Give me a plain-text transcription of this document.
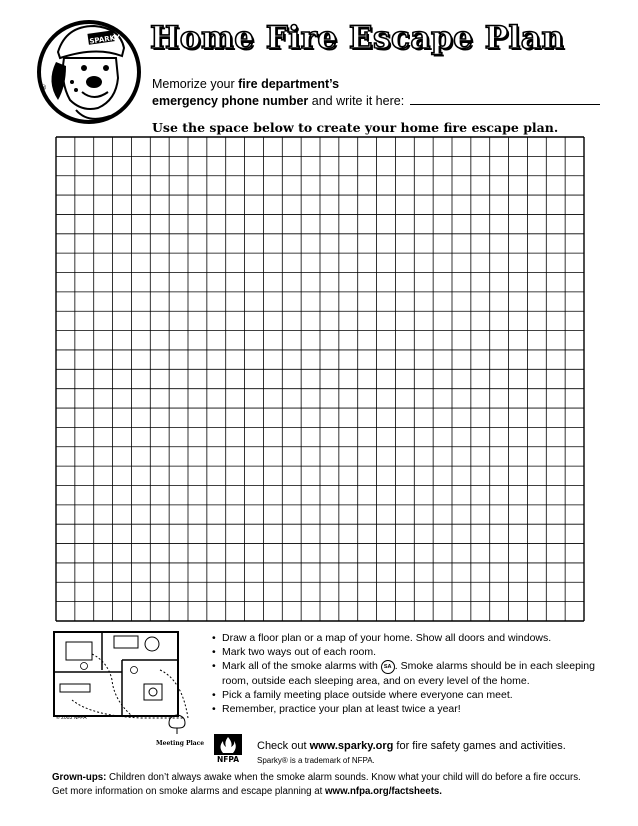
SPARKY
®
Home Fire Escape Plan
Memorize your fire department’s
emergency phone number and write it here:
Use the space below to create your home fire escape plan.
© 2003 NFPA
Meeting Place
• Draw a floor plan or a map of your home. Show all doors and windows.
• Mark two ways out of each room.
• Mark all of the smoke alarms with SA . Smoke alarms should be in each sleeping room, outside each sleeping area, and on every level of the home.
• Pick a family meeting place outside where everyone can meet.
• Remember, practice your plan at least twice a year!
NFPA
Check out www.sparky.org for fire safety games and activities.
Sparky® is a trademark of NFPA.
Grown-ups: Children don’t always awake when the smoke alarm sounds. Know what your child will do before a fire occurs.
Get more information on smoke alarms and escape planning at www.nfpa.org/factsheets.
